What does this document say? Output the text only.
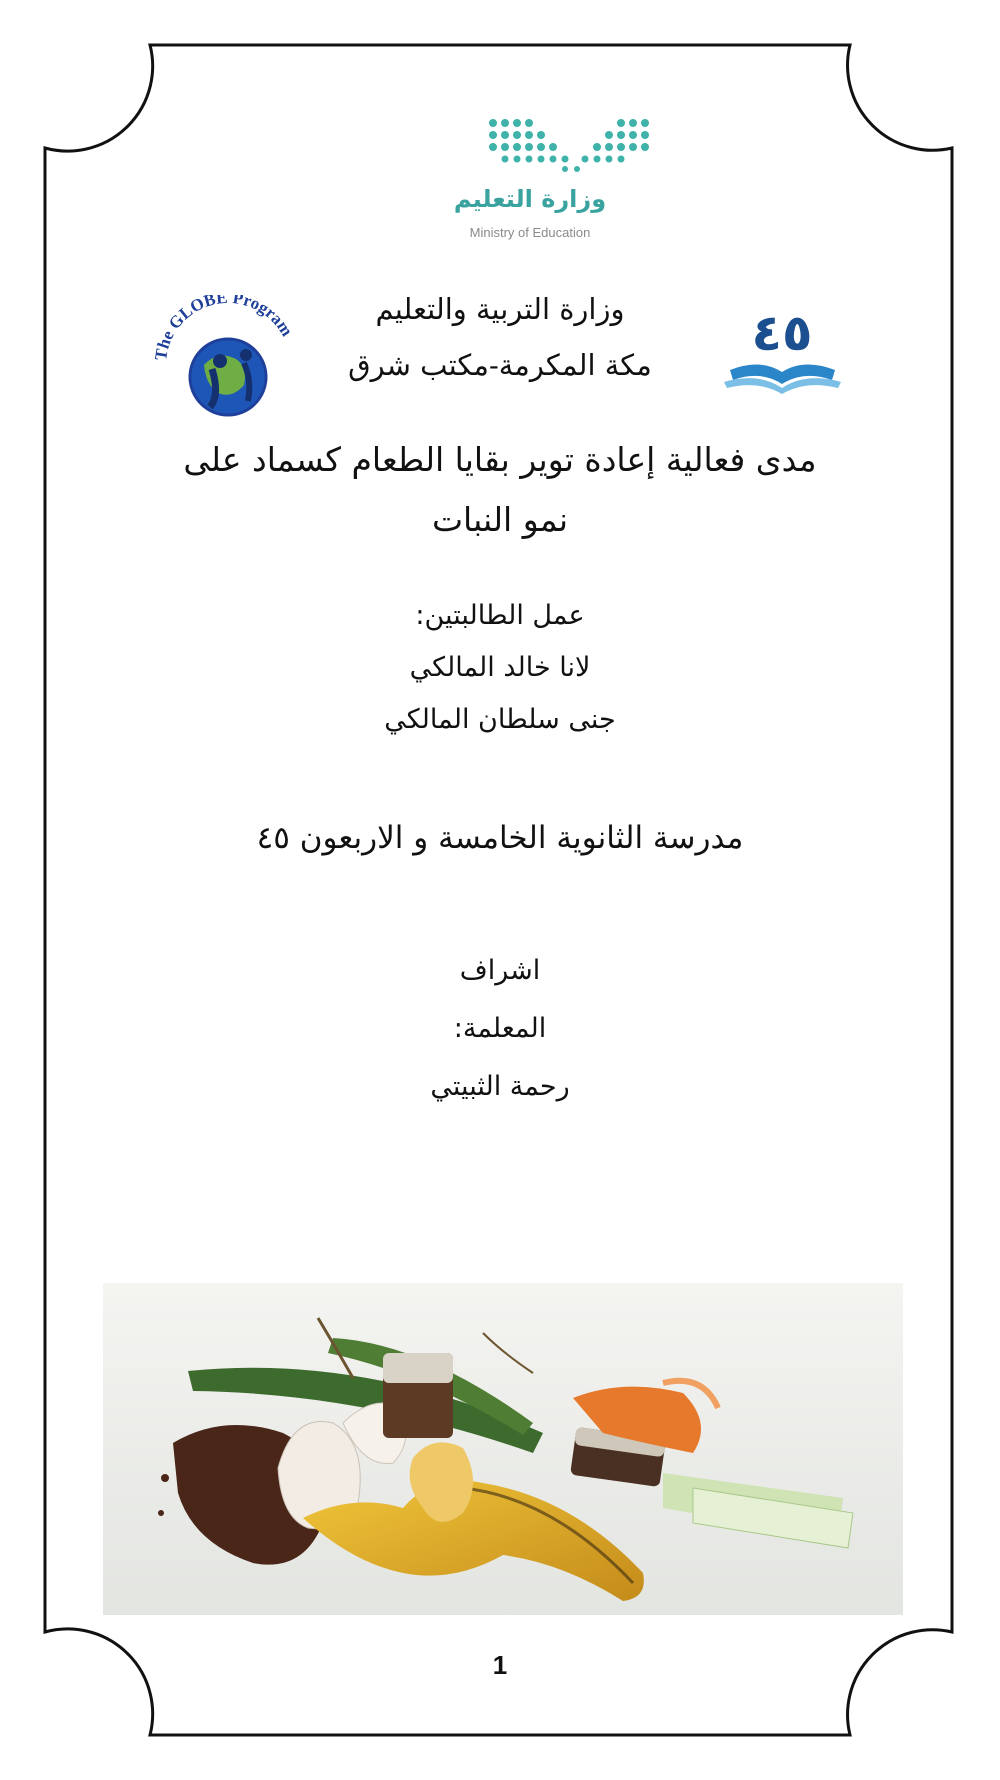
وزارة التعليم
Ministry of Education
The GLOBE Program	٤٥
وزارة التربية والتعليم
مكة المكرمة-مكتب شرق
مدى فعالية إعادة توير بقايا الطعام كسماد على
نمو النبات
عمل الطالبتين:
لانا خالد المالكي
جنى سلطان المالكي
مدرسة الثانوية الخامسة و الاربعون ٤٥
اشراف
المعلمة:
رحمة الثبيتي
1
